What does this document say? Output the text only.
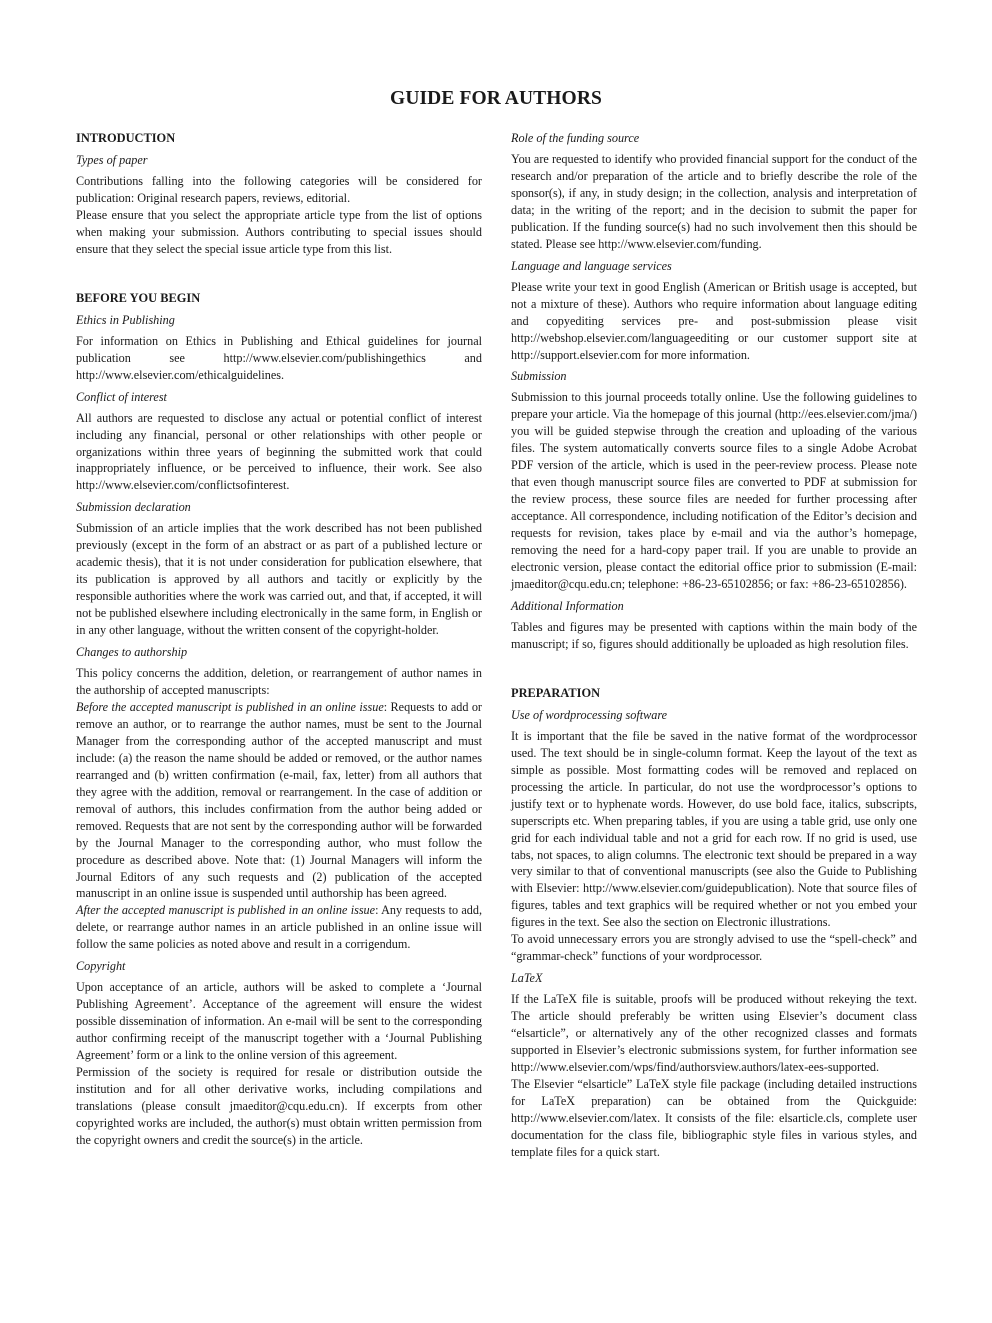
GUIDE FOR AUTHORS
INTRODUCTION
Types of paper

Contributions falling into the following categories will be considered for publication: Original research papers, reviews, editorial.

Please ensure that you select the appropriate article type from the list of options when making your submission. Authors contributing to special issues should ensure that they select the special issue article type from this list.

BEFORE YOU BEGIN
Ethics in Publishing

For information on Ethics in Publishing and Ethical guidelines for journal publication see http://www.elsevier.com/publishingethics and http://www.elsevier.com/ethicalguidelines.

Conflict of interest

All authors are requested to disclose any actual or potential conflict of interest including any financial, personal or other relationships with other people or organizations within three years of beginning the submitted work that could inappropriately influence, or be perceived to influence, their work. See also http://www.elsevier.com/conflictsofinterest.

Submission declaration

Submission of an article implies that the work described has not been published previously (except in the form of an abstract or as part of a published lecture or academic thesis), that it is not under consideration for publication elsewhere, that its publication is approved by all authors and tacitly or explicitly by the responsible authorities where the work was carried out, and that, if accepted, it will not be published elsewhere including electronically in the same form, in English or in any other language, without the written consent of the copyright-holder.

Changes to authorship

This policy concerns the addition, deletion, or rearrangement of author names in the authorship of accepted manuscripts:

Before the accepted manuscript is published in an online issue: Requests to add or remove an author, or to rearrange the author names, must be sent to the Journal Manager from the corresponding author of the accepted manuscript and must include: (a) the reason the name should be added or removed, or the author names rearranged and (b) written confirmation (e-mail, fax, letter) from all authors that they agree with the addition, removal or rearrangement. In the case of addition or removal of authors, this includes confirmation from the author being added or removed. Requests that are not sent by the corresponding author will be forwarded by the Journal Manager to the corresponding author, who must follow the procedure as described above. Note that: (1) Journal Managers will inform the Journal Editors of any such requests and (2) publication of the accepted manuscript in an online issue is suspended until authorship has been agreed.

After the accepted manuscript is published in an online issue: Any requests to add, delete, or rearrange author names in an article published in an online issue will follow the same policies as noted above and result in a corrigendum.

Copyright

Upon acceptance of an article, authors will be asked to complete a ‘Journal Publishing Agreement’. Acceptance of the agreement will ensure the widest possible dissemination of information. An e-mail will be sent to the corresponding author confirming receipt of the manuscript together with a ‘Journal Publishing Agreement’ form or a link to the online version of this agreement.

Permission of the society is required for resale or distribution outside the institution and for all other derivative works, including compilations and translations (please consult jmaeditor@cqu.edu.cn). If excerpts from other copyrighted works are included, the author(s) must obtain written permission from the copyright owners and credit the source(s) in the article.

Role of the funding source

You are requested to identify who provided financial support for the conduct of the research and/or preparation of the article and to briefly describe the role of the sponsor(s), if any, in study design; in the collection, analysis and interpretation of data; in the writing of the report; and in the decision to submit the paper for publication. If the funding source(s) had no such involvement then this should be stated. Please see http://www.elsevier.com/funding.

Language and language services

Please write your text in good English (American or British usage is accepted, but not a mixture of these). Authors who require information about language editing and copyediting services pre- and post-submission please visit http://webshop.elsevier.com/languageediting or our customer support site at http://support.elsevier.com for more information.

Submission

Submission to this journal proceeds totally online. Use the following guidelines to prepare your article. Via the homepage of this journal (http://ees.elsevier.com/jma/) you will be guided stepwise through the creation and uploading of the various files. The system automatically converts source files to a single Adobe Acrobat PDF version of the article, which is used in the peer-review process. Please note that even though manuscript source files are converted to PDF at submission for the review process, these source files are needed for further processing after acceptance. All correspondence, including notification of the Editor’s decision and requests for revision, takes place by e-mail and via the author’s homepage, removing the need for a hard-copy paper trail. If you are unable to provide an electronic version, please contact the editorial office prior to submission (E-mail: jmaeditor@cqu.edu.cn; telephone: +86-23-65102856; or fax: +86-23-65102856).

Additional Information

Tables and figures may be presented with captions within the main body of the manuscript; if so, figures should additionally be uploaded as high resolution files.

PREPARATION
Use of wordprocessing software

It is important that the file be saved in the native format of the wordprocessor used. The text should be in single-column format. Keep the layout of the text as simple as possible. Most formatting codes will be removed and replaced on processing the article. In particular, do not use the wordprocessor’s options to justify text or to hyphenate words. However, do use bold face, italics, subscripts, superscripts etc. When preparing tables, if you are using a table grid, use only one grid for each individual table and not a grid for each row. If no grid is used, use tabs, not spaces, to align columns. The electronic text should be prepared in a way very similar to that of conventional manuscripts (see also the Guide to Publishing with Elsevier: http://www.elsevier.com/guidepublication). Note that source files of figures, tables and text graphics will be required whether or not you embed your figures in the text. See also the section on Electronic illustrations.

To avoid unnecessary errors you are strongly advised to use the “spell-check” and “grammar-check” functions of your wordprocessor.

LaTeX

If the LaTeX file is suitable, proofs will be produced without rekeying the text. The article should preferably be written using Elsevier’s document class “elsarticle”, or alternatively any of the other recognized classes and formats supported in Elsevier’s electronic submissions system, for further information see http://www.elsevier.com/wps/find/authorsview.authors/latex-ees-supported.

The Elsevier “elsarticle” LaTeX style file package (including detailed instructions for LaTeX preparation) can be obtained from the Quickguide: http://www.elsevier.com/latex. It consists of the file: elsarticle.cls, complete user documentation for the class file, bibliographic style files in various styles, and template files for a quick start.
